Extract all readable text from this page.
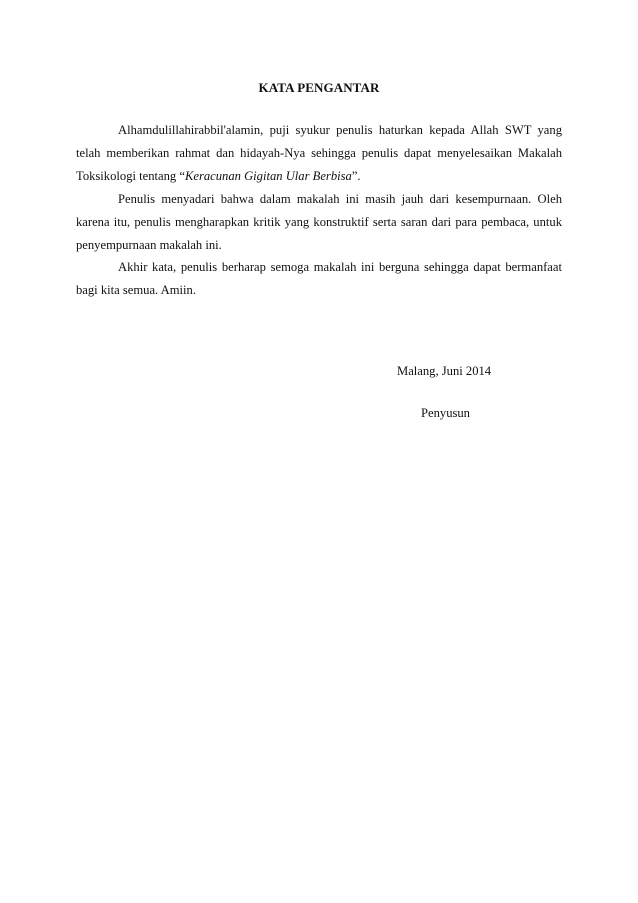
KATA PENGANTAR

Alhamdulillahirabbil'alamin, puji syukur penulis haturkan kepada Allah SWT yang telah memberikan rahmat dan hidayah-Nya sehingga penulis dapat menyelesaikan Makalah Toksikologi tentang “Keracunan Gigitan Ular Berbisa”.

Penulis menyadari bahwa dalam makalah ini masih jauh dari kesempurnaan. Oleh karena itu, penulis mengharapkan kritik yang konstruktif serta saran dari para pembaca, untuk penyempurnaan makalah ini.

Akhir kata, penulis berharap semoga makalah ini berguna sehingga dapat bermanfaat bagi kita semua. Amiin.

Malang, Juni 2014
Penyusun
